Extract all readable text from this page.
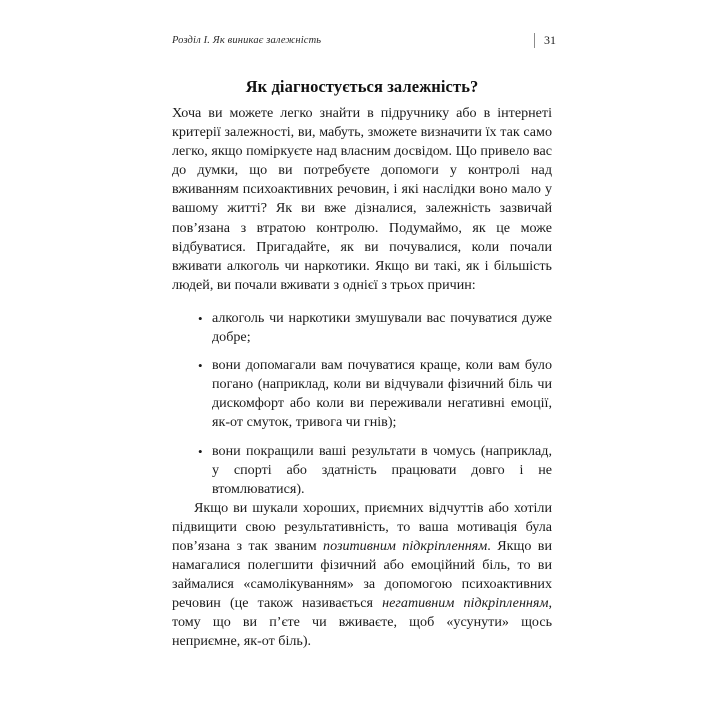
Розділ I. Як виникає залежність	31
Як діагностується залежність?

Хоча ви можете легко знайти в підручнику або в інтернеті критерії залежності, ви, мабуть, зможете визначити їх так само легко, якщо поміркуєте над власним досвідом. Що привело вас до думки, що ви потребуєте допомоги у контролі над вживанням психоактивних речовин, і які наслідки воно мало у вашому житті? Як ви вже дізналися, залежність зазвичай пов’язана з втратою контролю. Подумаймо, як це може відбуватися. Пригадайте, як ви почувалися, коли почали вживати алкоголь чи наркотики. Якщо ви такі, як і більшість людей, ви почали вживати з однієї з трьох причин:

• алкоголь чи наркотики змушували вас почуватися дуже добре;
• вони допомагали вам почуватися краще, коли вам було погано (наприклад, коли ви відчували фізичний біль чи дискомфорт або коли ви переживали негативні емоції, як-от смуток, тривога чи гнів);
• вони покращили ваші результати в чомусь (наприклад, у спорті або здатність працювати довго і не втомлюватися).

Якщо ви шукали хороших, приємних відчуттів або хотіли підвищити свою результативність, то ваша мотивація була пов’язана з так званим позитивним підкріпленням. Якщо ви намагалися полегшити фізичний або емоційний біль, то ви займалися «самолікуванням» за допомогою психоактивних речовин (це також називається негативним підкріпленням, тому що ви п’єте чи вживаєте, щоб «усунути» щось неприємне, як-от біль).
